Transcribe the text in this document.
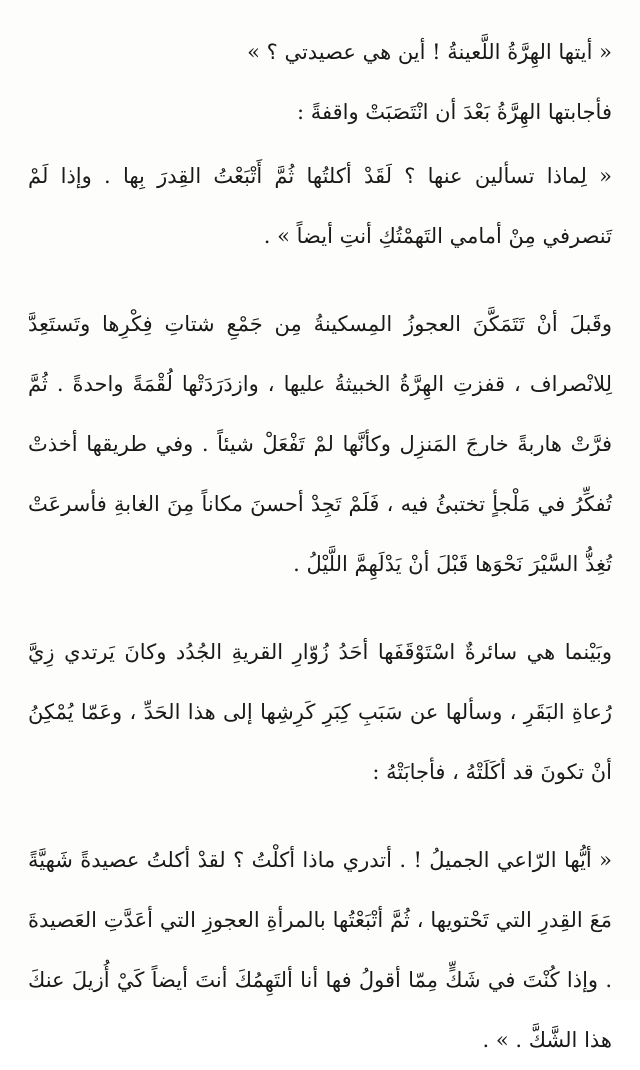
« أيتها الهِرَّةُ اللَّعينةُ ! أين هي عصيدتي ؟ »

فأجابتها الهِرَّةُ بَعْدَ أن انْتَصَبَتْ واقفةً :

« لِماذا تسألين عنها ؟ لَقَدْ أكلتُها ثُمَّ أَتْبَعْتُ القِدرَ بِها . وإذا لَمْ تَنصرفي مِنْ أمامي التَهمْتُكِ أنتِ أيضاً » .

وقَبلَ أنْ تَتَمَكَّنَ العجوزُ المِسكينةُ مِن جَمْعِ شتاتِ فِكْرِها وتَستَعِدَّ لِلانْصراف ، قفزتِ الهِرَّةُ الخبيثةُ عليها ، وازدَرَدَتْها لُقْمَةً واحدةً . ثُمَّ فرَّتْ هاربةً خارجَ المَنزِل وكأنَّها لمْ تَفْعَلْ شيئاً . وفي طريقها أخذتْ تُفكِّرُ في مَلْجأٍ تختبئُ فيه ، فَلَمْ تَجِدْ أحسنَ مكاناً مِنَ الغابةِ فأسرعَتْ تُغِذُّ السَّيْرَ نَحْوَها قَبْلَ أنْ يَدْلَهِمَّ اللَّيْلُ .

وبَيْنما هي سائرةٌ اسْتَوْقَفَها أحَدُ زُوّارِ القريةِ الجُدُد وكانَ يَرتدي زِيَّ رُعاةِ البَقَرِ ، وسألها عن سَبَبِ كِبَرِ كَرِشِها إلى هذا الحَدِّ ، وعَمّا يُمْكِنُ أنْ تكونَ قد أكَلَتْهُ ، فأجابَتْهُ :

« أيُّها الرّاعي الجميلُ ! . أتدري ماذا أكلْتُ ؟ لقدْ أكلتُ عصيدةً شَهيَّةً مَعَ القِدرِ التي تَحْتويها ، ثُمَّ أتْبَعْتُها بالمرأةِ العجوزِ التي أعَدَّتِ العَصيدةَ . وإذا كُنْتَ في شَكٍّ مِمّا أقولُ فها أنا ألتَهِمُكَ أنتَ أيضاً كَيْ أُزيلَ عنكَ هذا الشَّكَّ . » .
